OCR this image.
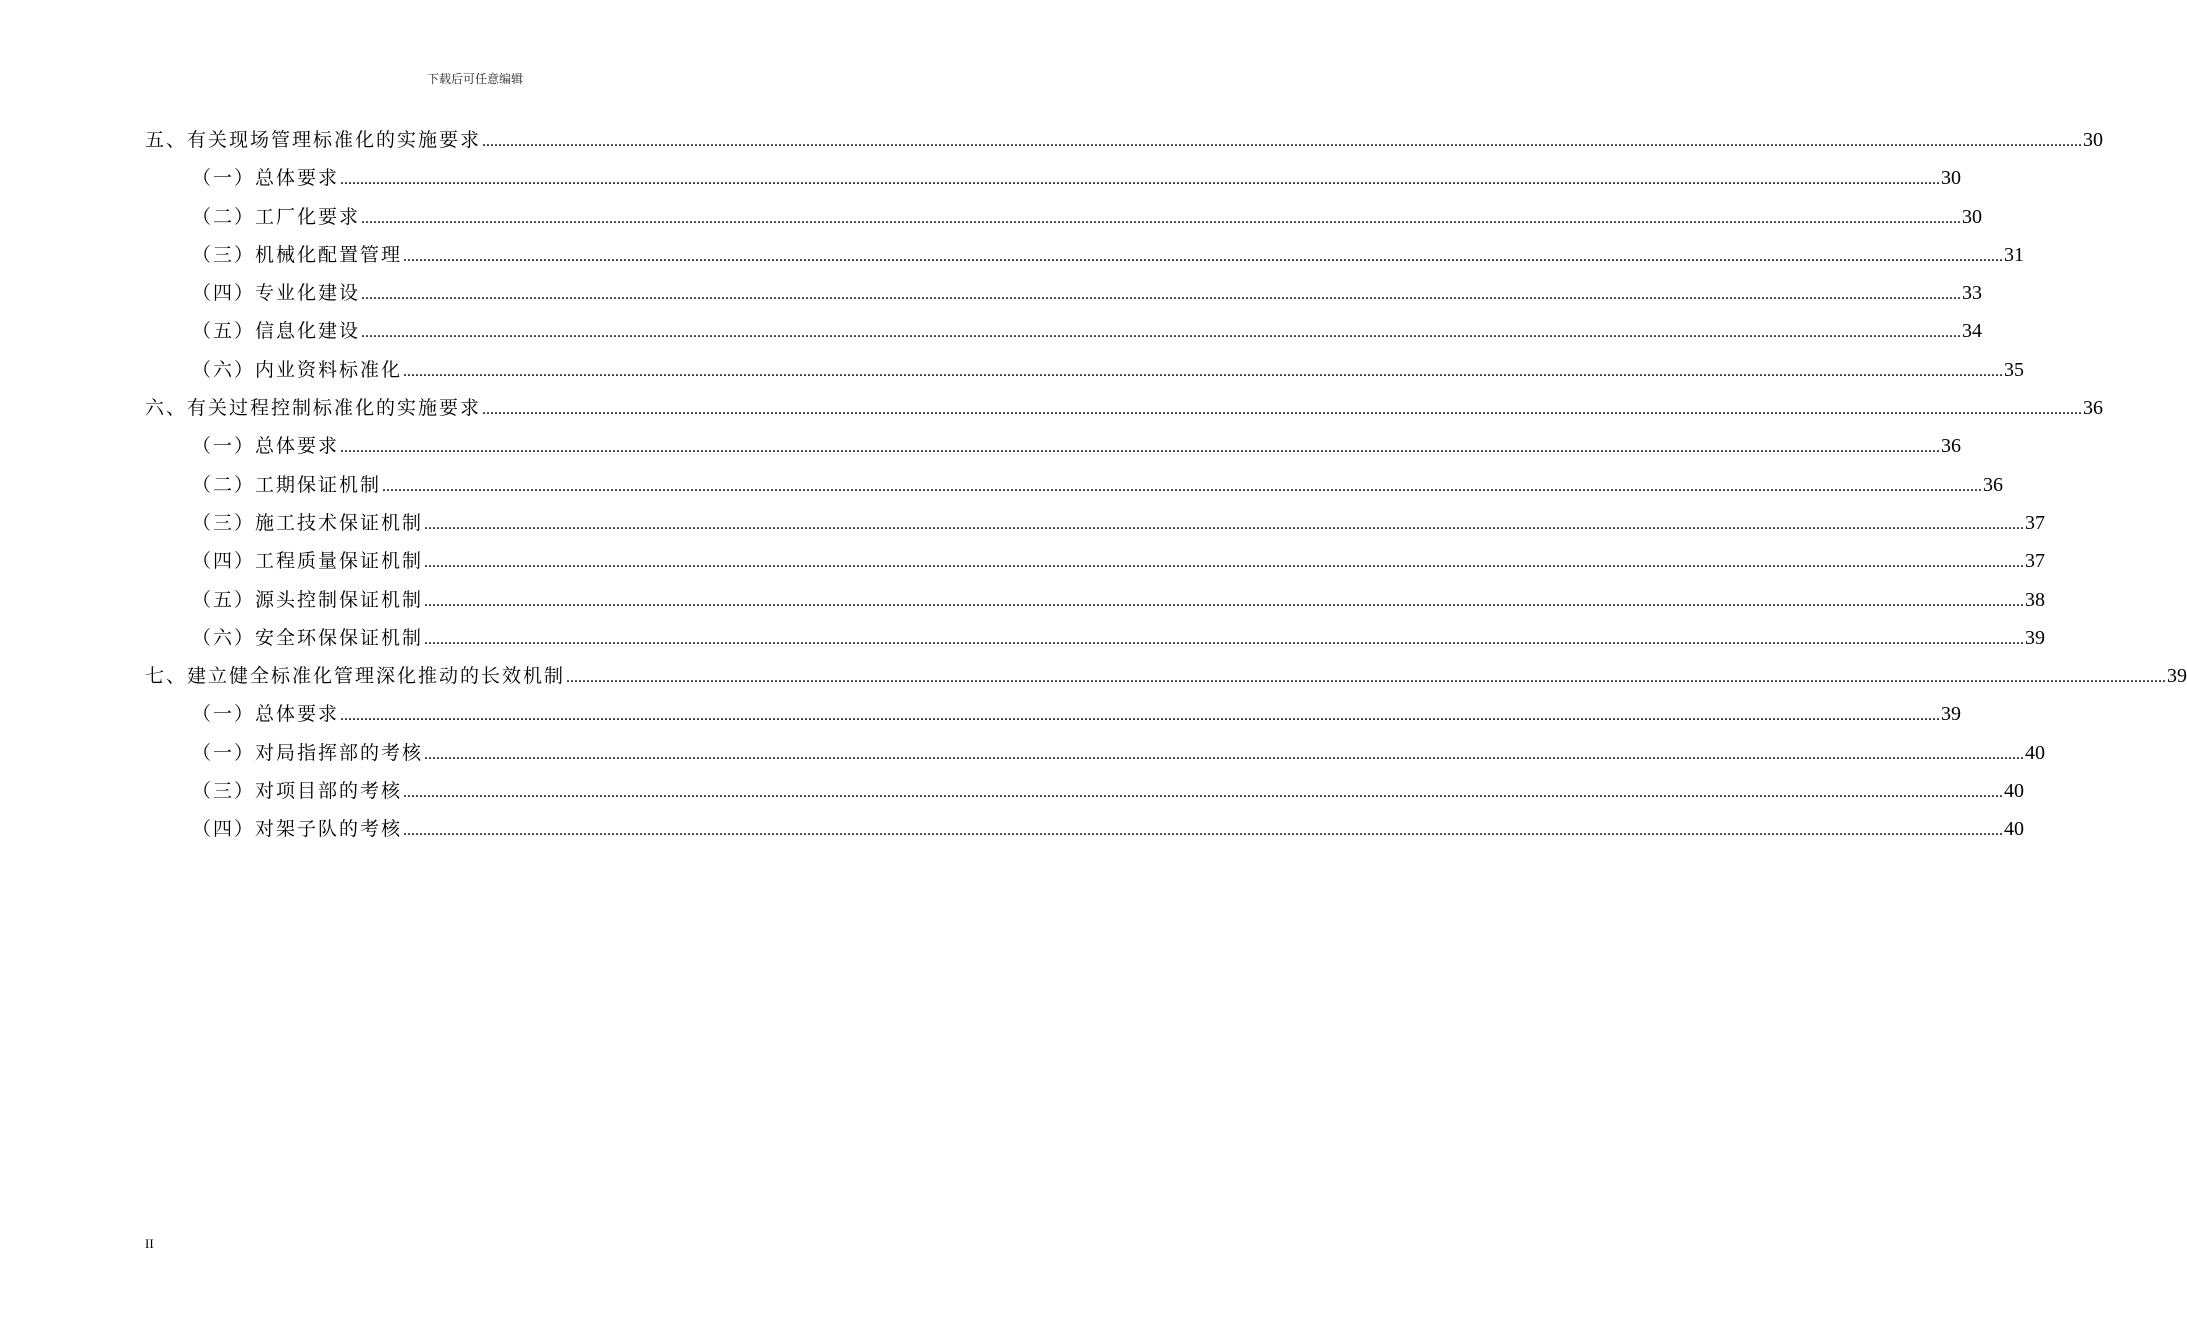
下载后可任意编辑
五、有关现场管理标准化的实施要求 ................................................................................................................................................................................................................................................................................................................................................................................................................ 30
（一）总体要求 ................................................................................................................................................................................................................................................................................................................................................................................................................ 30
（二）工厂化要求 ................................................................................................................................................................................................................................................................................................................................................................................................................ 30
（三）机械化配置管理 ................................................................................................................................................................................................................................................................................................................................................................................................................ 31
（四）专业化建设 ................................................................................................................................................................................................................................................................................................................................................................................................................ 33
（五）信息化建设 ................................................................................................................................................................................................................................................................................................................................................................................................................ 34
（六）内业资料标准化 ................................................................................................................................................................................................................................................................................................................................................................................................................ 35
六、有关过程控制标准化的实施要求 ................................................................................................................................................................................................................................................................................................................................................................................................................ 36
（一）总体要求 ................................................................................................................................................................................................................................................................................................................................................................................................................ 36
（二）工期保证机制 ................................................................................................................................................................................................................................................................................................................................................................................................................ 36
（三）施工技术保证机制 ................................................................................................................................................................................................................................................................................................................................................................................................................ 37
（四）工程质量保证机制 ................................................................................................................................................................................................................................................................................................................................................................................................................ 37
（五）源头控制保证机制 ................................................................................................................................................................................................................................................................................................................................................................................................................ 38
（六）安全环保保证机制 ................................................................................................................................................................................................................................................................................................................................................................................................................ 39
七、建立健全标准化管理深化推动的长效机制 ................................................................................................................................................................................................................................................................................................................................................................................................................ 39
（一）总体要求 ................................................................................................................................................................................................................................................................................................................................................................................................................ 39
（一）对局指挥部的考核 ................................................................................................................................................................................................................................................................................................................................................................................................................ 40
（三）对项目部的考核 ................................................................................................................................................................................................................................................................................................................................................................................................................ 40
（四）对架子队的考核 ................................................................................................................................................................................................................................................................................................................................................................................................................ 40
II
